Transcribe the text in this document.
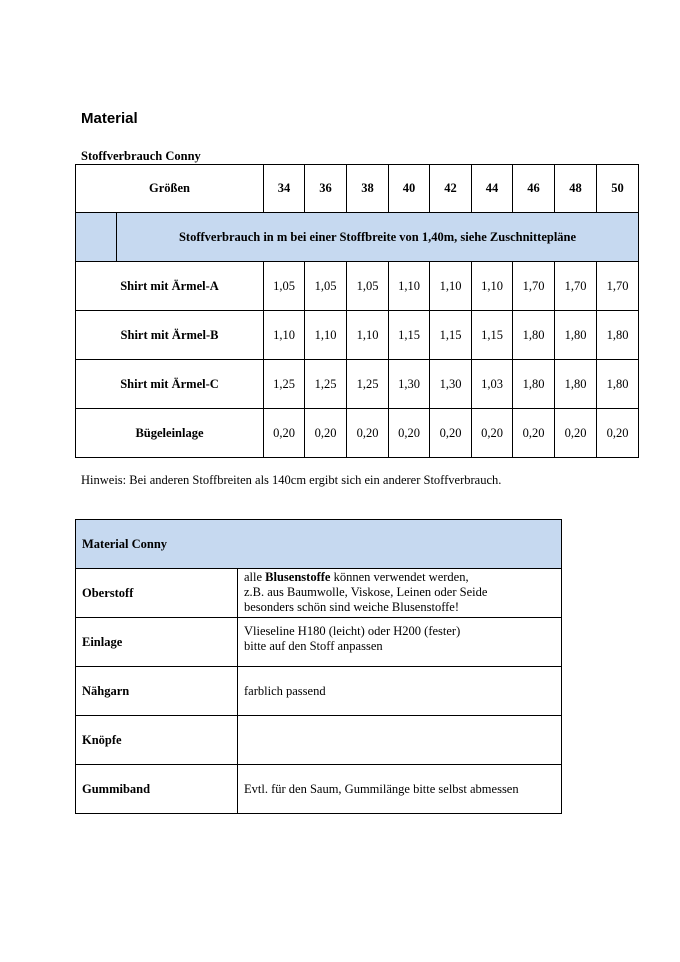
Material
Stoffverbrauch Conny
Größen		34	36	38	40	42	44	46	48	50
	Stoffverbrauch in m bei einer Stoffbreite von 1,40m, siehe Zuschnittepläne									
Shirt mit Ärmel-A		1,05	1,05	1,05	1,10	1,10	1,10	1,70	1,70	1,70
Shirt mit Ärmel-B		1,10	1,10	1,10	1,15	1,15	1,15	1,80	1,80	1,80
Shirt mit Ärmel-C		1,25	1,25	1,25	1,30	1,30	1,03	1,80	1,80	1,80
Bügeleinlage		0,20	0,20	0,20	0,20	0,20	0,20	0,20	0,20	0,20
Hinweis: Bei anderen Stoffbreiten als 140cm ergibt sich ein anderer Stoffverbrauch.
Material Conny	
Oberstoff	alle Blusenstoffe können verwendet werden,
z.B. aus Baumwolle, Viskose, Leinen oder Seide
besonders schön sind weiche Blusenstoffe!

Einlage	Vlieseline H180 (leicht) oder H200 (fester)
bitte auf den Stoff anpassen

Nähgarn	farblich passend
Knöpfe	
Gummiband	Evtl. für den Saum, Gummilänge bitte selbst abmessen
